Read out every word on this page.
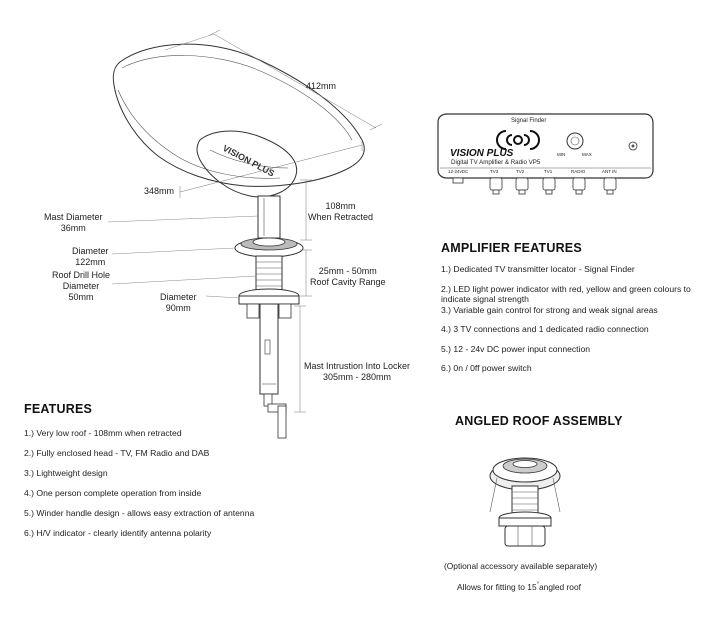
VISION PLUS
412mm
348mm
108mm
When Retracted
Mast Diameter
36mm
Diameter
122mm
Roof Drill Hole
Diameter
50mm
25mm - 50mm
Roof Cavity Range
Diameter
90mm
Mast Intrustion Into Locker
305mm - 280mm
Signal Finder
VISION PLUS
Digital TV Amplifier & Radio VP5
MIN	MAX
12-24vDC	TV3	TV2	TV1	RADIO	ANT IN
AMPLIFIER FEATURES
1.) Dedicated TV transmitter locator - Signal Finder
2.) LED light power indicator with red, yellow and green colours to
indicate signal strength
3.) Variable gain control for strong and weak signal areas
4.) 3 TV connections and 1 dedicated radio connection
5.) 12 - 24v DC power input connection
6.) 0n / 0ff power switch
FEATURES
1.) Very low roof - 108mm when retracted
2.) Fully enclosed head - TV, FM Radio and DAB
3.) Lightweight design
4.) One person complete operation from inside
5.) Winder handle design - allows easy extraction of antenna
6.) H/V indicator - clearly identify antenna polarity
ANGLED ROOF ASSEMBLY
(Optional accessory available separately)
Allows for fitting to 15°angled roof
